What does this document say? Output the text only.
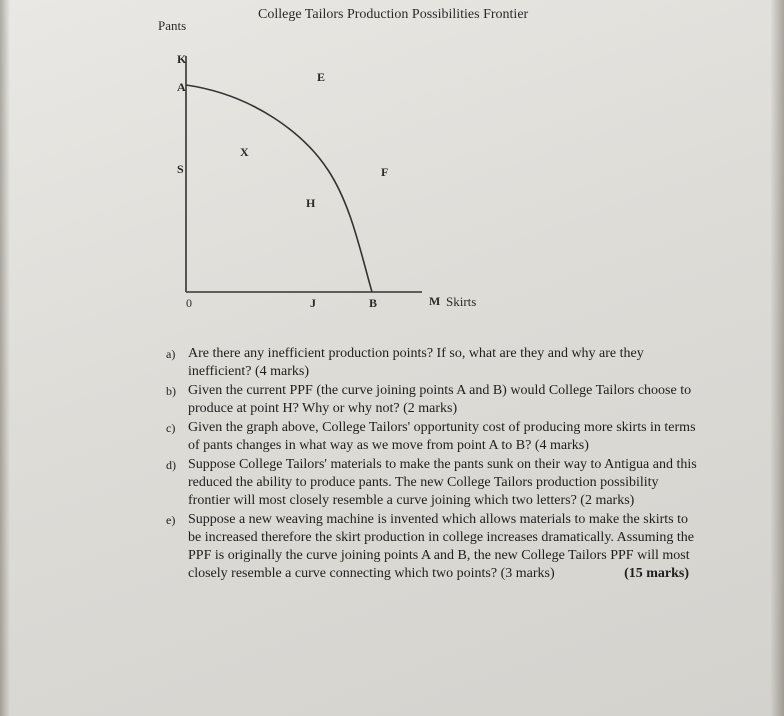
College Tailors Production Possibilities Frontier
Pants
Skirts
K
A
S
0	J	B	M
E
X
F
H
a) Are there any inefficient production points? If so, what are they and why are they inefficient? (4 marks)
b) Given the current PPF (the curve joining points A and B) would College Tailors choose to produce at point H? Why or why not? (2 marks)
c) Given the graph above, College Tailors' opportunity cost of producing more skirts in terms of pants changes in what way as we move from point A to B? (4 marks)
d) Suppose College Tailors' materials to make the pants sunk on their way to Antigua and this reduced the ability to produce pants. The new College Tailors production possibility frontier will most closely resemble a curve joining which two letters? (2 marks)
e) Suppose a new weaving machine is invented which allows materials to make the skirts to be increased therefore the skirt production in college increases dramatically. Assuming the PPF is originally the curve joining points A and B, the new College Tailors PPF will most closely resemble a curve connecting which two points? (3 marks)	(15 marks)
